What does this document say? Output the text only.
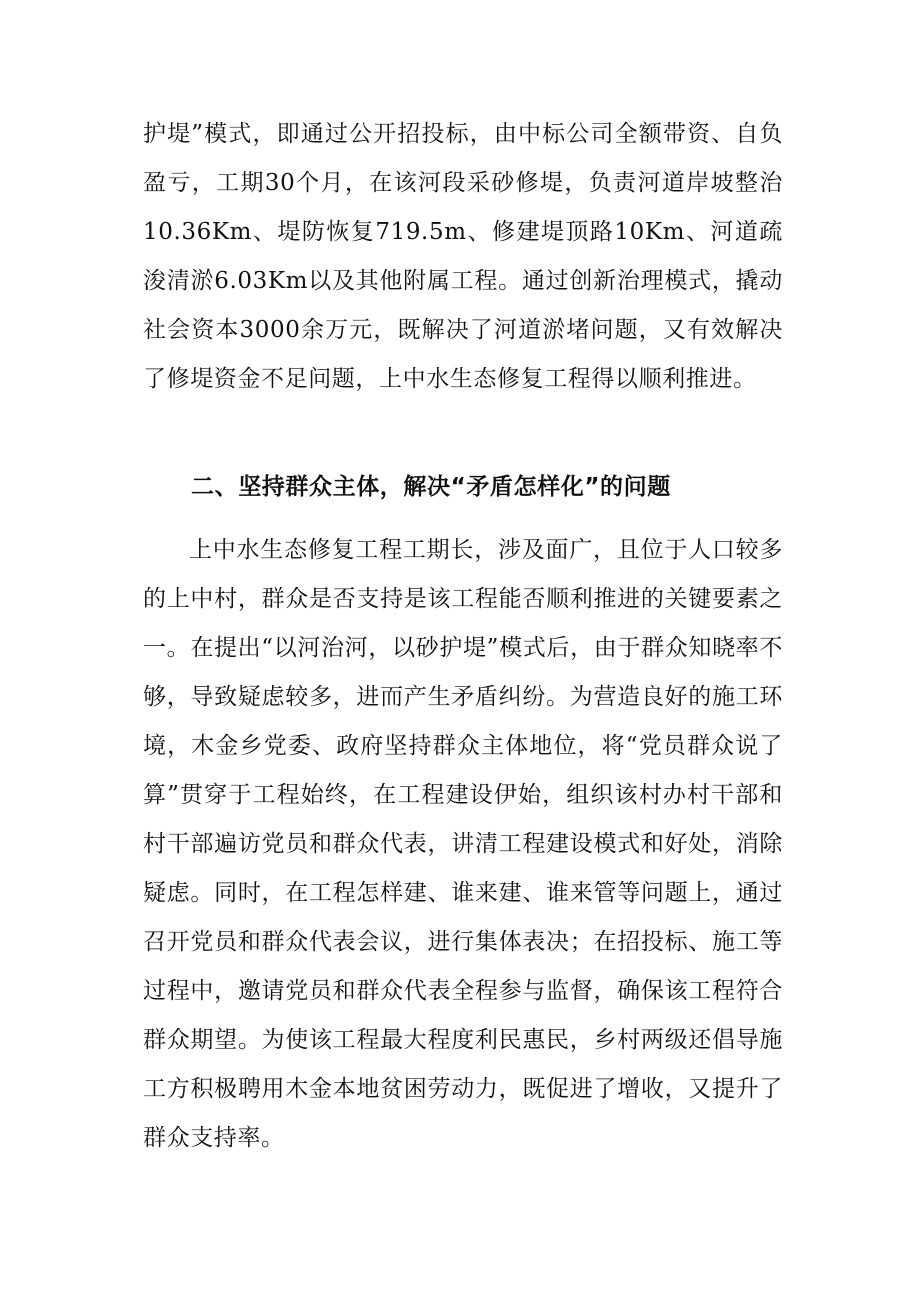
护堤”模式，即通过公开招投标，由中标公司全额带资、自负盈亏，工期30个月，在该河段采砂修堤，负责河道岸坡整治10.36Km、堤防恢复719.5m、修建堤顶路10Km、河道疏浚清淤6.03Km以及其他附属工程。通过创新治理模式，撬动社会资本3000余万元，既解决了河道淤堵问题，又有效解决了修堤资金不足问题，上中水生态修复工程得以顺利推进。

二、坚持群众主体，解决“矛盾怎样化”的问题

上中水生态修复工程工期长，涉及面广，且位于人口较多的上中村，群众是否支持是该工程能否顺利推进的关键要素之一。在提出“以河治河，以砂护堤”模式后，由于群众知晓率不够，导致疑虑较多，进而产生矛盾纠纷。为营造良好的施工环境，木金乡党委、政府坚持群众主体地位，将“党员群众说了算”贯穿于工程始终，在工程建设伊始，组织该村办村干部和村干部遍访党员和群众代表，讲清工程建设模式和好处，消除疑虑。同时，在工程怎样建、谁来建、谁来管等问题上，通过召开党员和群众代表会议，进行集体表决；在招投标、施工等过程中，邀请党员和群众代表全程参与监督，确保该工程符合群众期望。为使该工程最大程度利民惠民，乡村两级还倡导施工方积极聘用木金本地贫困劳动力，既促进了增收，又提升了群众支持率。
